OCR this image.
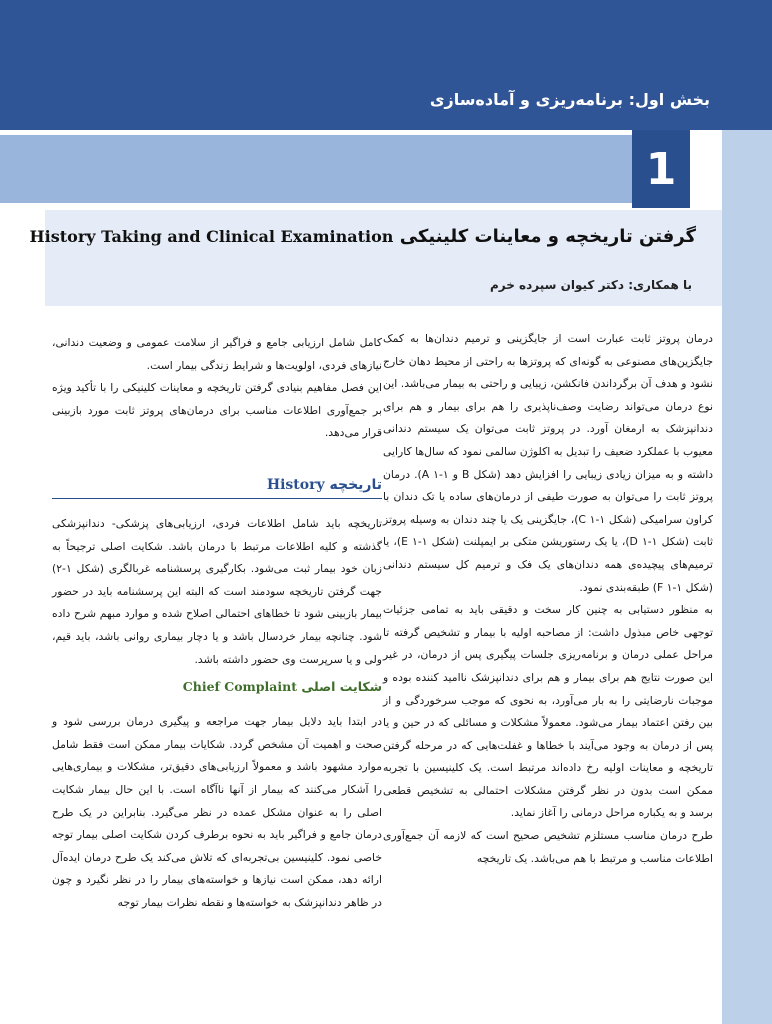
بخش اول: برنامه‌ریزی و آماده‌سازی
1
گرفتن تاریخچه و معاینات کلینیکی History Taking and Clinical Examination
با همکاری: دکتر کیوان سپرده خرم

درمان پروتز ثابت عبارت است از جایگزینی و ترمیم دندان‌ها به کمک جایگزین‌های مصنوعی به گونه‌ای که پروتزها به راحتی از محیط دهان خارج نشود و هدف آن برگرداندن فانکشن، زیبایی و راحتی به بیمار می‌باشد. این نوع درمان می‌تواند رضایت وصف‌ناپذیری را هم برای بیمار و هم برای دندانپزشک به ارمغان آورد. در پروتز ثابت می‌توان یک سیستم دندانی معیوب با عملکرد ضعیف را تبدیل به اکلوژن سالمی نمود که سال‌ها کارایی داشته و به میزان زیادی زیبایی را افزایش دهد (شکل B و A ۱-۱). درمان پروتز ثابت را می‌توان به صورت طیفی از درمان‌های ساده یا تک دندان با کراون سرامیکی (شکل C ۱-۱)، جایگزینی یک یا چند دندان به وسیله پروتز ثابت (شکل D ۱-۱)، یا یک رستوریشن متکی بر ایمپلنت (شکل E ۱-۱)، یا ترمیم‌های پیچیده‌ی همه دندان‌های یک فک و ترمیم کل سیستم دندانی (شکل F ۱-۱) طبقه‌بندی نمود.

به منظور دستیابی به چنین کار سخت و دقیقی باید به تمامی جزئیات توجهی خاص مبذول داشت: از مصاحبه اولیه با بیمار و تشخیص گرفته تا مراحل عملی درمان و برنامه‌ریزی جلسات پیگیری پس از درمان، در غیر این صورت نتایج هم برای بیمار و هم برای دندانپزشک ناامید کننده بوده و موجبات نارضایتی را به بار می‌آورد، به نحوی که موجب سرخوردگی و از بین رفتن اعتماد بیمار می‌شود. معمولاً مشکلات و مسائلی که در حین و یا پس از درمان به وجود می‌آیند با خطاها و غفلت‌هایی که در مرحله گرفتن تاریخچه و معاینات اولیه رخ داده‌اند مرتبط است. یک کلینیسین با تجربه ممکن است بدون در نظر گرفتن مشکلات احتمالی به تشخیص قطعی برسد و به یکباره مراحل درمانی را آغاز نماید.

طرح درمان مناسب مستلزم تشخیص صحیح است که لازمه آن جمع‌آوری اطلاعات مناسب و مرتبط با هم می‌باشد. یک تاریخچه

کامل شامل ارزیابی جامع و فراگیر از سلامت عمومی و وضعیت دندانی، نیازهای فردی، اولویت‌ها و شرایط زندگی بیمار است.

این فصل مفاهیم بنیادی گرفتن تاریخچه و معاینات کلینیکی را با تأکید ویژه بر جمع‌آوری اطلاعات مناسب برای درمان‌های پروتز ثابت مورد بازبینی قرار می‌دهد.

تاریخچه History

تاریخچه باید شامل اطلاعات فردی، ارزیابی‌های پزشکی- دندانپزشکی گذشته و کلیه اطلاعات مرتبط با درمان باشد. شکایت اصلی ترجیحاً به زبان خود بیمار ثبت می‌شود. بکارگیری پرسشنامه غربالگری (شکل ۱-۲) جهت گرفتن تاریخچه سودمند است که البته این پرسشنامه باید در حضور بیمار بازبینی شود تا خطاهای احتمالی اصلاح شده و موارد مبهم شرح داده شود. چنانچه بیمار خردسال باشد و یا دچار بیماری روانی باشد، باید قیم، ولی و یا سرپرست وی حضور داشته باشد.

شکایت اصلی Chief Complaint

در ابتدا باید دلایل بیمار جهت مراجعه و پیگیری درمان بررسی شود و صحت و اهمیت آن مشخص گردد. شکایات بیمار ممکن است فقط شامل موارد مشهود باشد و معمولاً ارزیابی‌های دقیق‌تر، مشکلات و بیماری‌هایی را آشکار می‌کنند که بیمار از آنها ناآگاه است. با این حال بیمار شکایت اصلی را به عنوان مشکل عمده در نظر می‌گیرد. بنابراین در یک طرح درمان جامع و فراگیر باید به نحوه برطرف کردن شکایت اصلی بیمار توجه خاصی نمود. کلینیسین بی‌تجربه‌ای که تلاش می‌کند یک طرح درمان ایده‌آل ارائه دهد، ممکن است نیازها و خواسته‌های بیمار را در نظر نگیرد و چون در ظاهر دندانپزشک به خواسته‌ها و نقطه نظرات بیمار توجه
